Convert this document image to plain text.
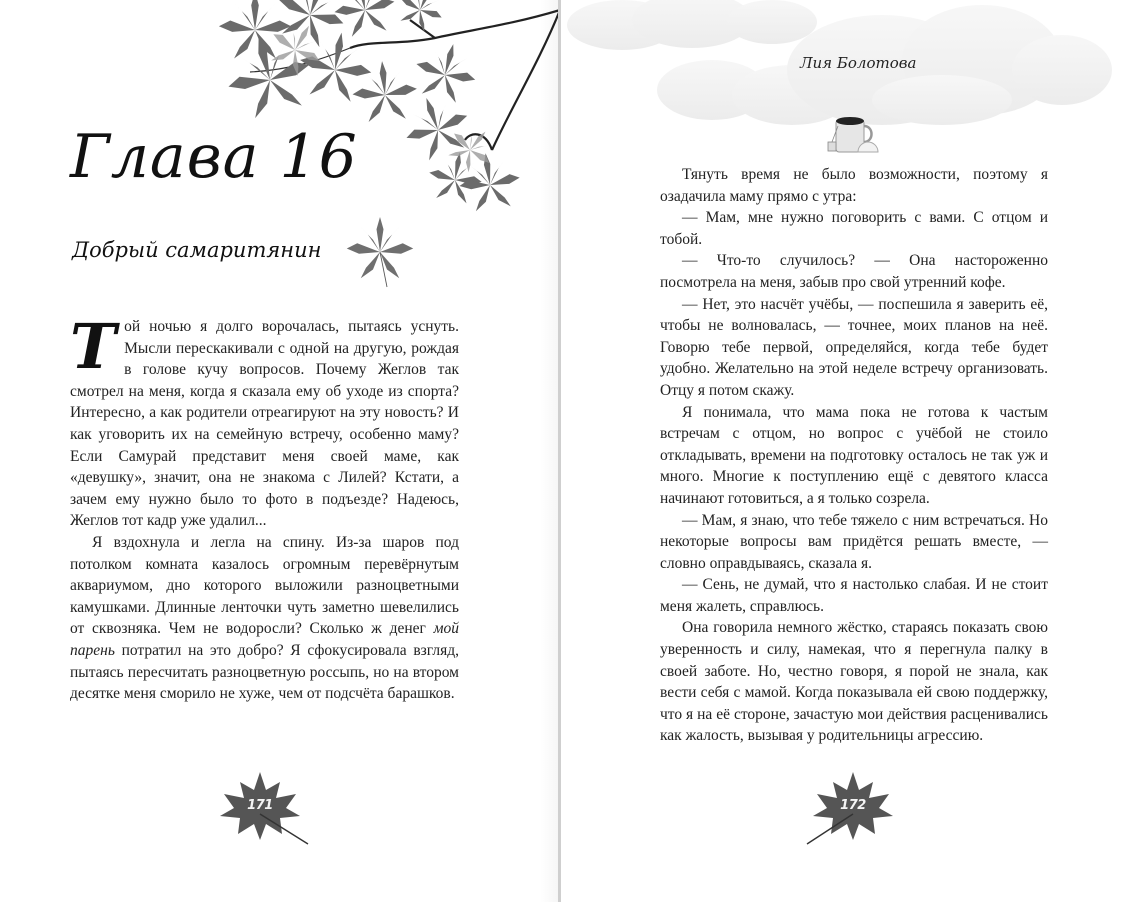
Глава 16
Добрый самаритянин

Той ночью я долго ворочалась, пытаясь уснуть. Мысли перескакивали с одной на другую, рождая в голове кучу вопросов. Почему Жеглов так смотрел на меня, когда я сказала ему об уходе из спорта? Интересно, а как родители отреагируют на эту новость? И как уговорить их на семейную встречу, особенно маму? Если Самурай представит меня своей маме, как «девушку», значит, она не знакома с Лилей? Кстати, а зачем ему нужно было то фото в подъезде? Надеюсь, Жеглов тот кадр уже удалил...

Я вздохнула и легла на спину. Из-за шаров под потолком комната казалось огромным перевёрнутым аквариумом, дно которого выложили разноцветными камушками. Длинные ленточки чуть заметно шевелились от сквозняка. Чем не водоросли? Сколько ж денег мой парень потратил на это добро? Я сфокусировала взгляд, пытаясь пересчитать разноцветную россыпь, но на втором десятке меня сморило не хуже, чем от подсчёта барашков.

171
Лия Болотова

Тянуть время не было возможности, поэтому я озадачила маму прямо с утра:

— Мам, мне нужно поговорить с вами. С отцом и тобой.

— Что-то случилось? — Она настороженно посмотрела на меня, забыв про свой утренний кофе.

— Нет, это насчёт учёбы, — поспешила я заверить её, чтобы не волновалась, — точнее, моих планов на неё. Говорю тебе первой, определяйся, когда тебе будет удобно. Желательно на этой неделе встречу организовать. Отцу я потом скажу.

Я понимала, что мама пока не готова к частым встречам с отцом, но вопрос с учёбой не стоило откладывать, времени на подготовку осталось не так уж и много. Многие к поступлению ещё с девятого класса начинают готовиться, а я только созрела.

— Мам, я знаю, что тебе тяжело с ним встречаться. Но некоторые вопросы вам придётся решать вместе, — словно оправдываясь, сказала я.

— Сень, не думай, что я настолько слабая. И не стоит меня жалеть, справлюсь.

Она говорила немного жёстко, стараясь показать свою уверенность и силу, намекая, что я перегнула палку в своей заботе. Но, честно говоря, я порой не знала, как вести себя с мамой. Когда показывала ей свою поддержку, что я на её стороне, зачастую мои действия расценивались как жалость, вызывая у родительницы агрессию.

172
